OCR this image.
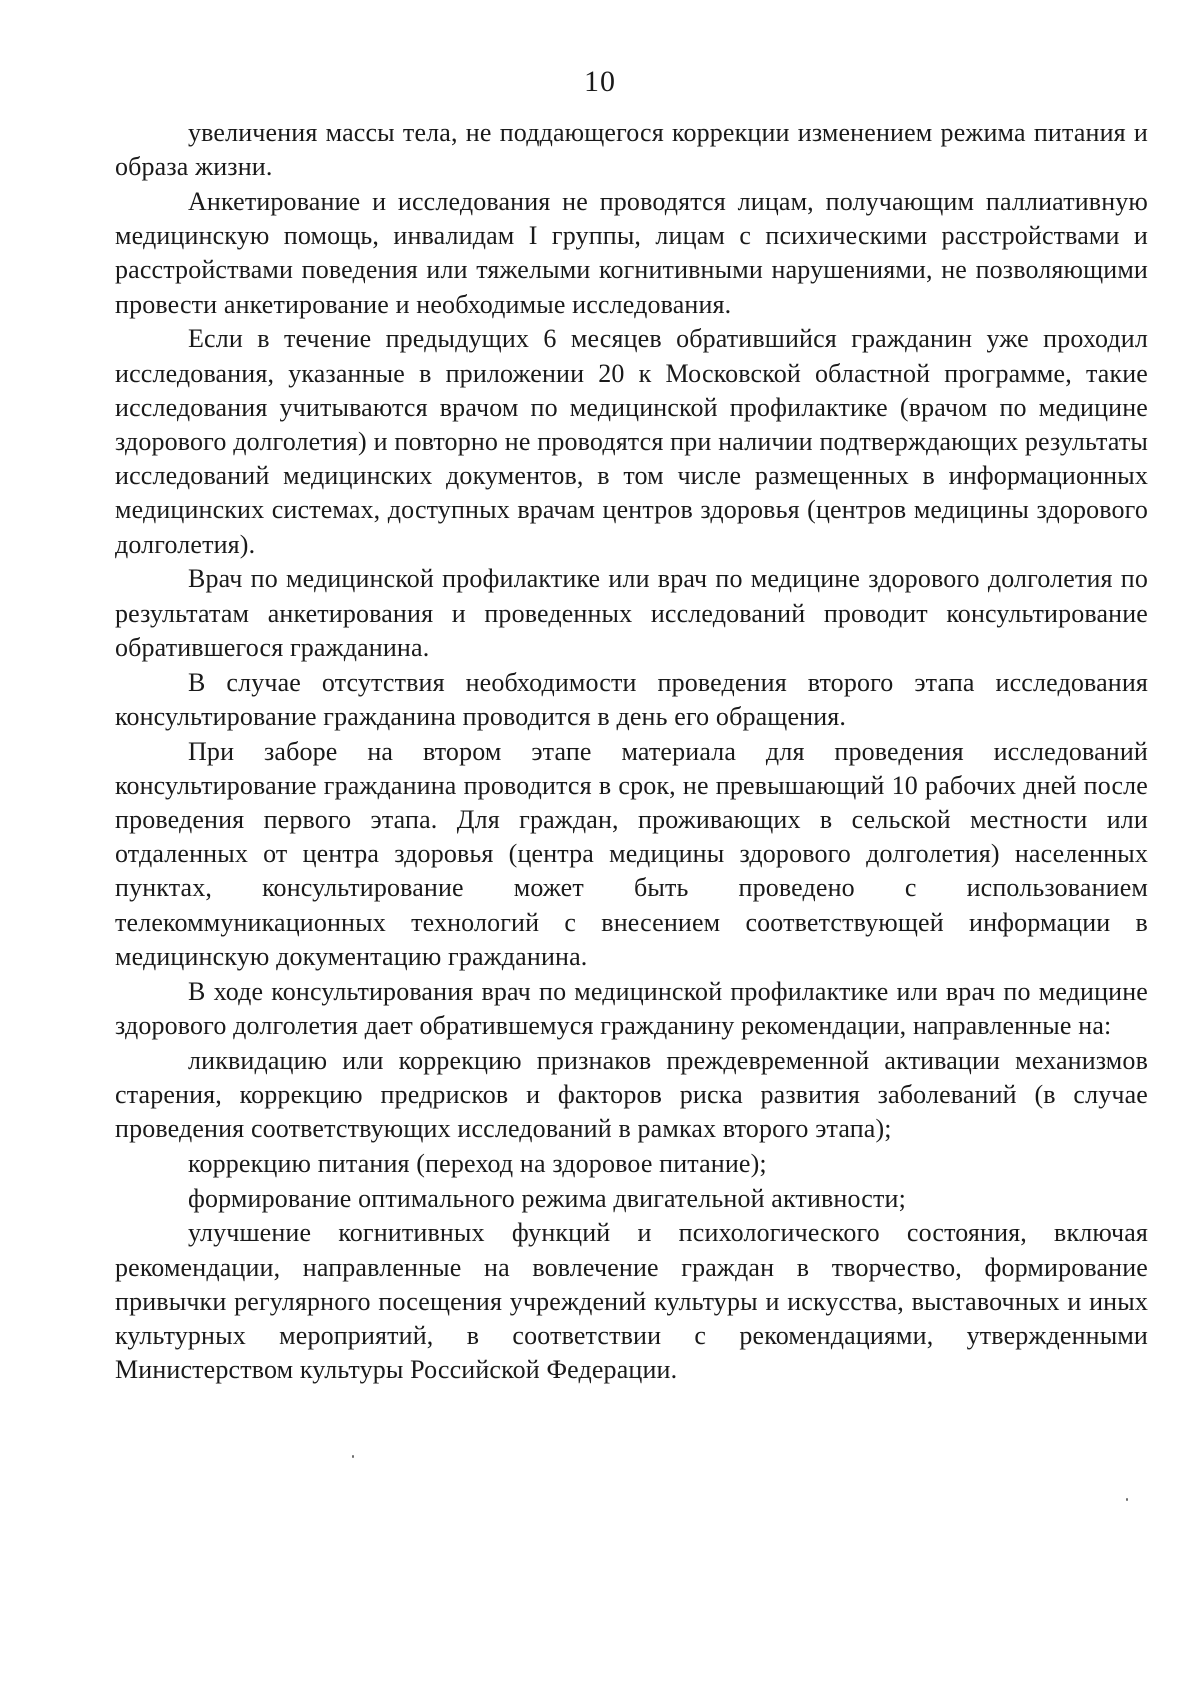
10

увеличения массы тела, не поддающегося коррекции изменением режима питания и образа жизни.

Анкетирование и исследования не проводятся лицам, получающим паллиативную медицинскую помощь, инвалидам I группы, лицам с психическими расстройствами и расстройствами поведения или тяжелыми когнитивными нарушениями, не позволяющими провести анкетирование и необходимые исследования.

Если в течение предыдущих 6 месяцев обратившийся гражданин уже проходил исследования, указанные в приложении 20 к Московской областной программе, такие исследования учитываются врачом по медицинской профилактике (врачом по медицине здорового долголетия) и повторно не проводятся при наличии подтверждающих результаты исследований медицинских документов, в том числе размещенных в информационных медицинских системах, доступных врачам центров здоровья (центров медицины здорового долголетия).

Врач по медицинской профилактике или врач по медицине здорового долголетия по результатам анкетирования и проведенных исследований проводит консультирование обратившегося гражданина.

В случае отсутствия необходимости проведения второго этапа исследования консультирование гражданина проводится в день его обращения.

При заборе на втором этапе материала для проведения исследований консультирование гражданина проводится в срок, не превышающий 10 рабочих дней после проведения первого этапа. Для граждан, проживающих в сельской местности или отдаленных от центра здоровья (центра медицины здорового долголетия) населенных пунктах, консультирование может быть проведено с использованием телекоммуникационных технологий с внесением соответствующей информации в медицинскую документацию гражданина.

В ходе консультирования врач по медицинской профилактике или врач по медицине здорового долголетия дает обратившемуся гражданину рекомендации, направленные на:

ликвидацию или коррекцию признаков преждевременной активации механизмов старения, коррекцию предрисков и факторов риска развития заболеваний (в случае проведения соответствующих исследований в рамках второго этапа);

коррекцию питания (переход на здоровое питание);

формирование оптимального режима двигательной активности;

улучшение когнитивных функций и психологического состояния, включая рекомендации, направленные на вовлечение граждан в творчество, формирование привычки регулярного посещения учреждений культуры и искусства, выставочных и иных культурных мероприятий, в соответствии с рекомендациями, утвержденными Министерством культуры Российской Федерации.
